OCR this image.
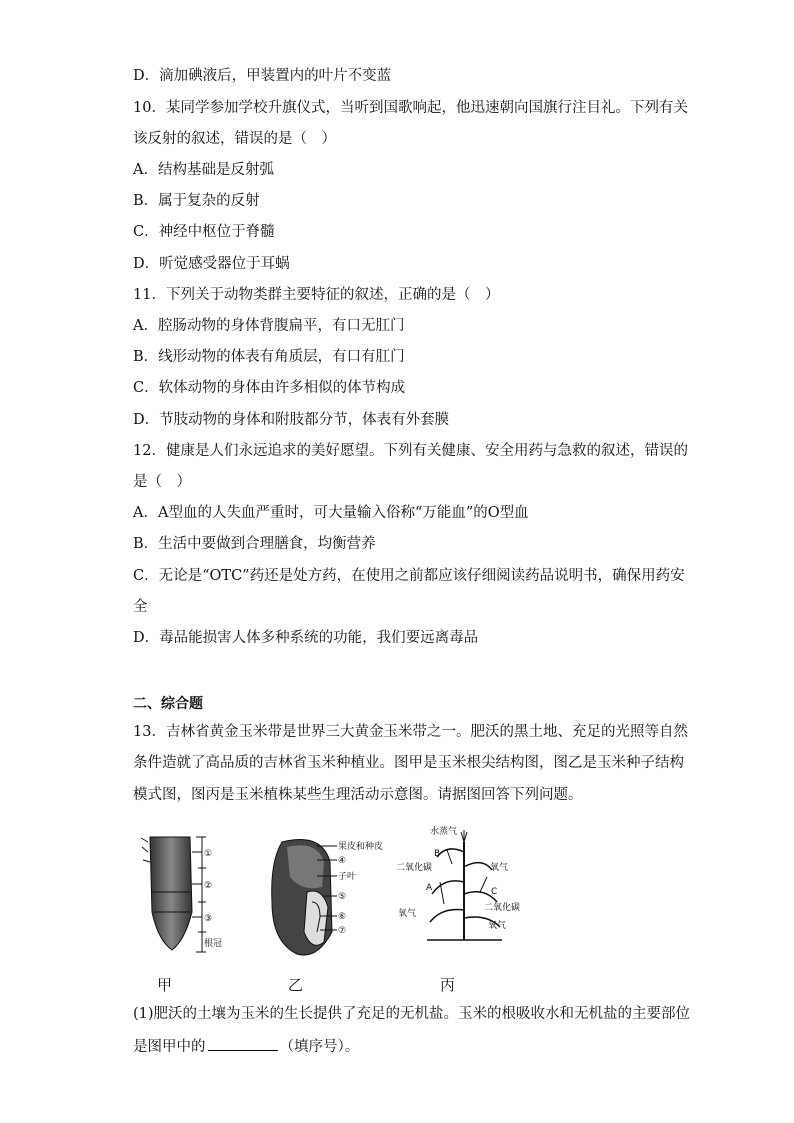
D．滴加碘液后，甲装置内的叶片不变蓝
10．某同学参加学校升旗仪式，当听到国歌响起，他迅速朝向国旗行注目礼。下列有关
该反射的叙述，错误的是（　）
A．结构基础是反射弧
B．属于复杂的反射
C．神经中枢位于脊髓
D．听觉感受器位于耳蜗
11．下列关于动物类群主要特征的叙述，正确的是（　）
A．腔肠动物的身体背腹扁平，有口无肛门
B．线形动物的体表有角质层，有口有肛门
C．软体动物的身体由许多相似的体节构成
D．节肢动物的身体和附肢都分节，体表有外套膜
12．健康是人们永远追求的美好愿望。下列有关健康、安全用药与急救的叙述，错误的
是（　）
A．A型血的人失血严重时，可大量输入俗称“万能血”的O型血
B．生活中要做到合理膳食，均衡营养
C．无论是“OTC”药还是处方药，在使用之前都应该仔细阅读药品说明书，确保用药安
全
D．毒品能损害人体多种系统的功能，我们要远离毒品
二、综合题
13．吉林省黄金玉米带是世界三大黄金玉米带之一。肥沃的黑土地、充足的光照等自然
条件造就了高品质的吉林省玉米种植业。图甲是玉米根尖结构图，图乙是玉米种子结构
模式图，图丙是玉米植株某些生理活动示意图。请据图回答下列问题。
①
②
③
根冠
果皮和种皮
④
子叶
⑤
⑥
⑦
水蒸气
B
二氧化碳
A
氧气
氧气
C
二氧化碳
氧气
甲	乙	丙
(1)肥沃的土壤为玉米的生长提供了充足的无机盐。玉米的根吸收水和无机盐的主要部位
是图甲中的	（填序号）。
